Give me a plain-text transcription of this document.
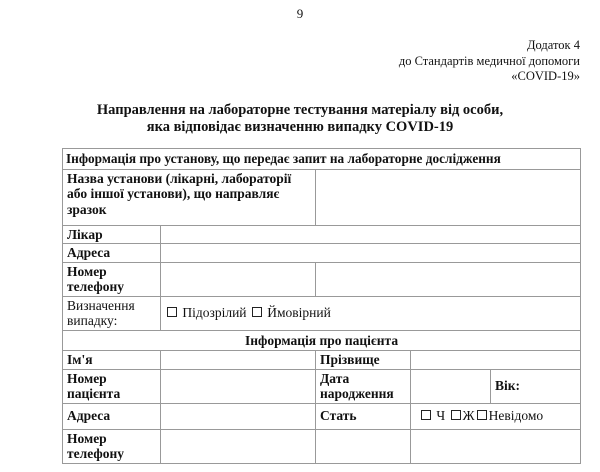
9
Додаток 4
до Стандартів медичної допомоги
«COVID-19»
Направлення на лабораторне тестування матеріалу від особи,
яка відповідає визначенню випадку COVID-19
Інформація про установу, що передає запит на лабораторне дослідження				
Назва установи (лікарні, лабораторії або іншої установи), що направляє зразок				
Лікар				
Адреса				
Номер телефону				
Визначення випадку:	Підозрілий Ймовірний			
Інформація про пацієнта				
Ім'я		Прізвище		
Номер пацієнта		Дата народження		Вік:
Адреса		Стать	Ч Ж Невідомо	
Номер телефону				
